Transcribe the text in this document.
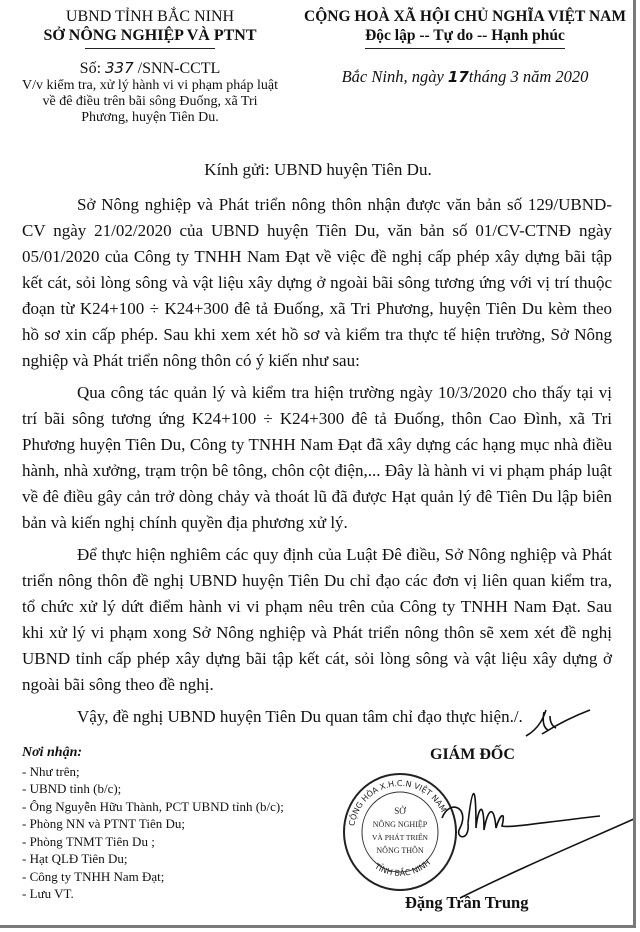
UBND TỈNH BẮC NINH
SỞ NÔNG NGHIỆP VÀ PTNT
Số: 337 /SNN-CCTL
V/v kiểm tra, xử lý hành vi vi phạm pháp luật về đê điều trên bãi sông Đuống, xã Tri Phương, huyện Tiên Du.
CỘNG HOÀ XÃ HỘI CHỦ NGHĨA VIỆT NAM
Độc lập -- Tự do -- Hạnh phúc
Bắc Ninh, ngày 17tháng 3 năm 2020
Kính gửi: UBND huyện Tiên Du.

Sở Nông nghiệp và Phát triển nông thôn nhận được văn bản số 129/UBND-CV ngày 21/02/2020 của UBND huyện Tiên Du, văn bản số 01/CV-CTNĐ ngày 05/01/2020 của Công ty TNHH Nam Đạt về việc đề nghị cấp phép xây dựng bãi tập kết cát, sỏi lòng sông và vật liệu xây dựng ở ngoài bãi sông tương ứng với vị trí thuộc đoạn từ K24+100 ÷ K24+300 đê tả Đuống, xã Tri Phương, huyện Tiên Du kèm theo hồ sơ xin cấp phép. Sau khi xem xét hồ sơ và kiểm tra thực tế hiện trường, Sở Nông nghiệp và Phát triển nông thôn có ý kiến như sau:

Qua công tác quản lý và kiểm tra hiện trường ngày 10/3/2020 cho thấy tại vị trí bãi sông tương ứng K24+100 ÷ K24+300 đê tả Đuống, thôn Cao Đình, xã Tri Phương huyện Tiên Du, Công ty TNHH Nam Đạt đã xây dựng các hạng mục nhà điều hành, nhà xưởng, trạm trộn bê tông, chôn cột điện,... Đây là hành vi vi phạm pháp luật về đê điều gây cản trở dòng chảy và thoát lũ đã được Hạt quản lý đê Tiên Du lập biên bản và kiến nghị chính quyền địa phương xử lý.

Để thực hiện nghiêm các quy định của Luật Đê điều, Sở Nông nghiệp và Phát triển nông thôn đề nghị UBND huyện Tiên Du chỉ đạo các đơn vị liên quan kiểm tra, tổ chức xử lý dứt điểm hành vi vi phạm nêu trên của Công ty TNHH Nam Đạt. Sau khi xử lý vi phạm xong Sở Nông nghiệp và Phát triển nông thôn sẽ xem xét đề nghị UBND tỉnh cấp phép xây dựng bãi tập kết cát, sỏi lòng sông và vật liệu xây dựng ở ngoài bãi sông theo đề nghị.

Vậy, đề nghị UBND huyện Tiên Du quan tâm chỉ đạo thực hiện./.

Nơi nhận:
- Như trên;
- UBND tỉnh (b/c);
- Ông Nguyễn Hữu Thành, PCT UBND tỉnh (b/c);
- Phòng NN và PTNT Tiên Du;
- Phòng TNMT Tiên Du ;
- Hạt QLĐ Tiên Du;
- Công ty TNHH Nam Đạt;
- Lưu VT.
GIÁM ĐỐC
CỘNG HÒA X.H.C.N VIỆT NAM
TỈNH BẮC NINH
SỞ
NÔNG NGHIỆP
VÀ PHÁT TRIỂN
NÔNG THÔN
Đặng Trần Trung
